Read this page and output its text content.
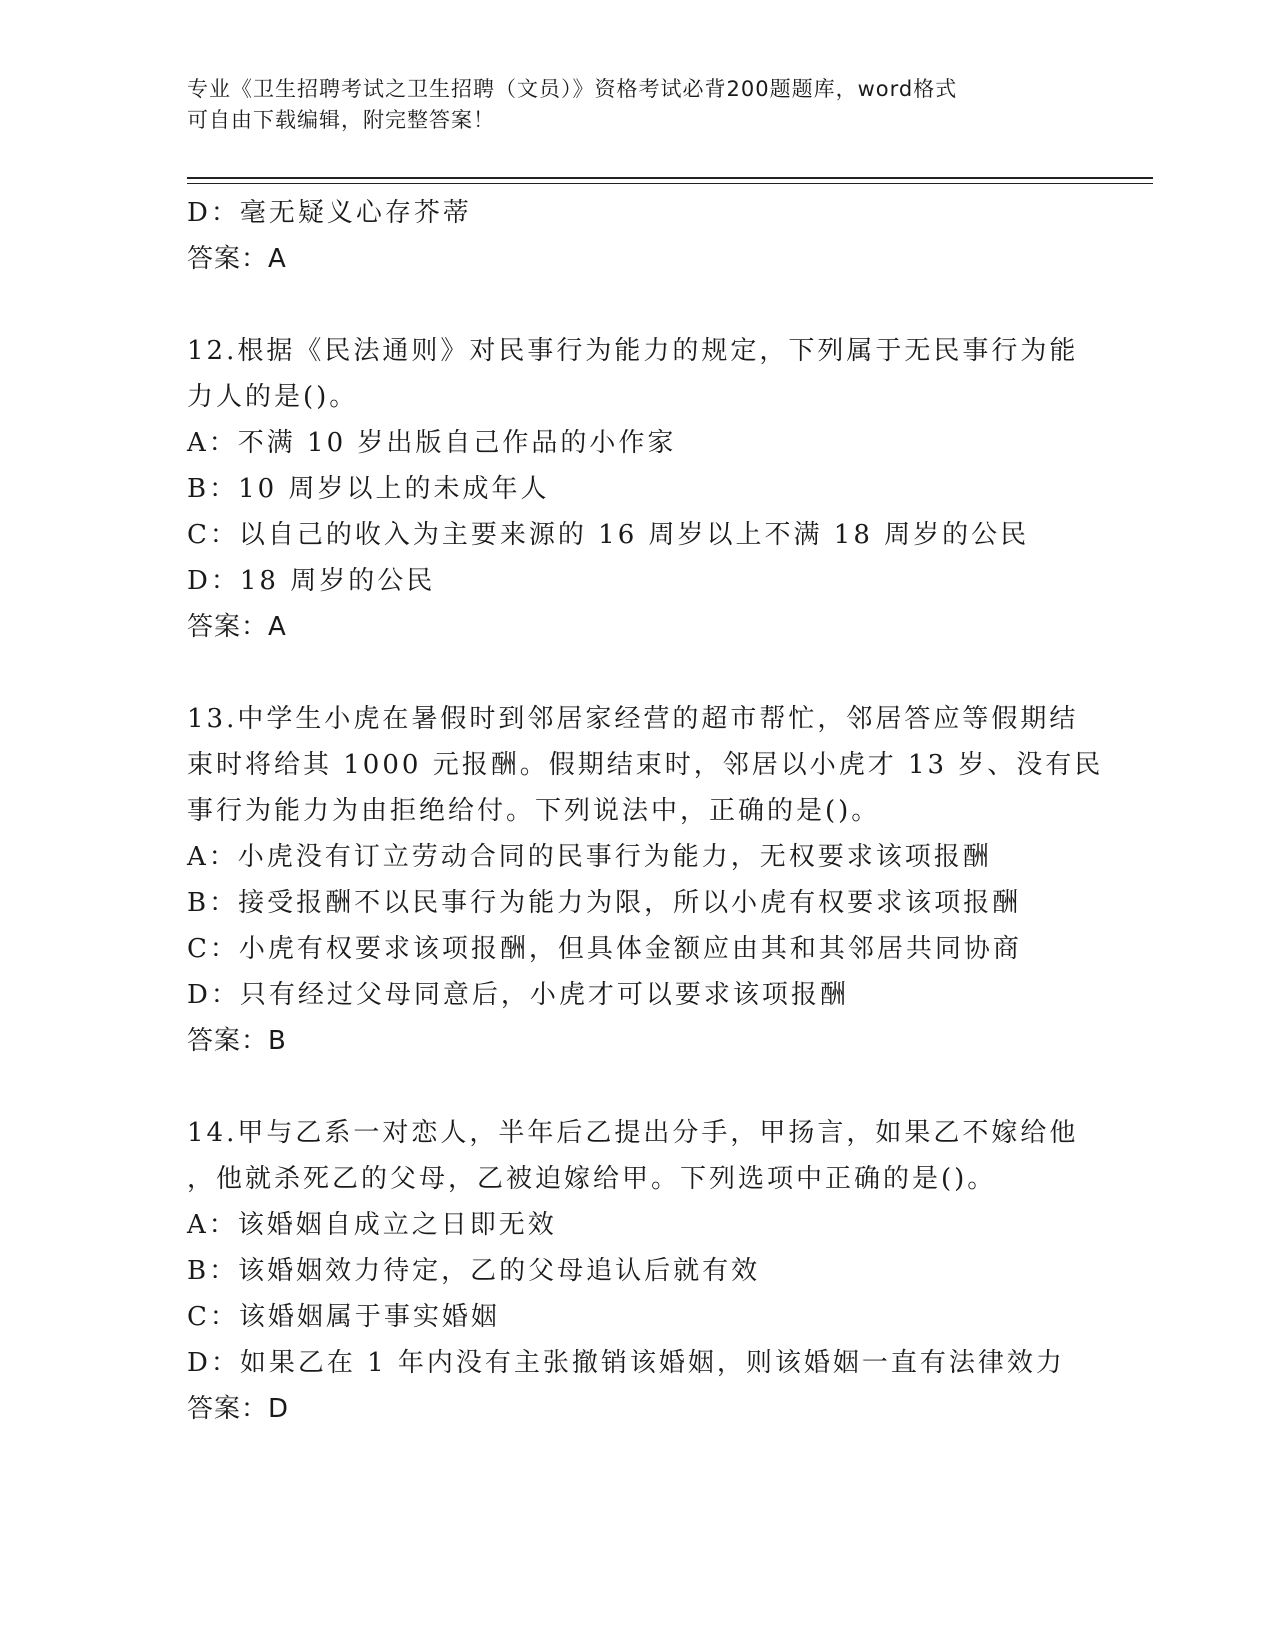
专业《卫生招聘考试之卫生招聘（文员）》资格考试必背200题题库，word格式
可自由下载编辑，附完整答案！
D：毫无疑义心存芥蒂
答案：A
12.根据《民法通则》对民事行为能力的规定，下列属于无民事行为能
力人的是()。
A：不满 10 岁出版自己作品的小作家
B：10 周岁以上的未成年人
C：以自己的收入为主要来源的 16 周岁以上不满 18 周岁的公民
D：18 周岁的公民
答案：A
13.中学生小虎在暑假时到邻居家经营的超市帮忙，邻居答应等假期结
束时将给其 1000 元报酬。假期结束时，邻居以小虎才 13 岁、没有民
事行为能力为由拒绝给付。下列说法中，正确的是()。
A：小虎没有订立劳动合同的民事行为能力，无权要求该项报酬
B：接受报酬不以民事行为能力为限，所以小虎有权要求该项报酬
C：小虎有权要求该项报酬，但具体金额应由其和其邻居共同协商
D：只有经过父母同意后，小虎才可以要求该项报酬
答案：B
14.甲与乙系一对恋人，半年后乙提出分手，甲扬言，如果乙不嫁给他
，他就杀死乙的父母，乙被迫嫁给甲。下列选项中正确的是()。
A：该婚姻自成立之日即无效
B：该婚姻效力待定，乙的父母追认后就有效
C：该婚姻属于事实婚姻
D：如果乙在 1 年内没有主张撤销该婚姻，则该婚姻一直有法律效力
答案：D
